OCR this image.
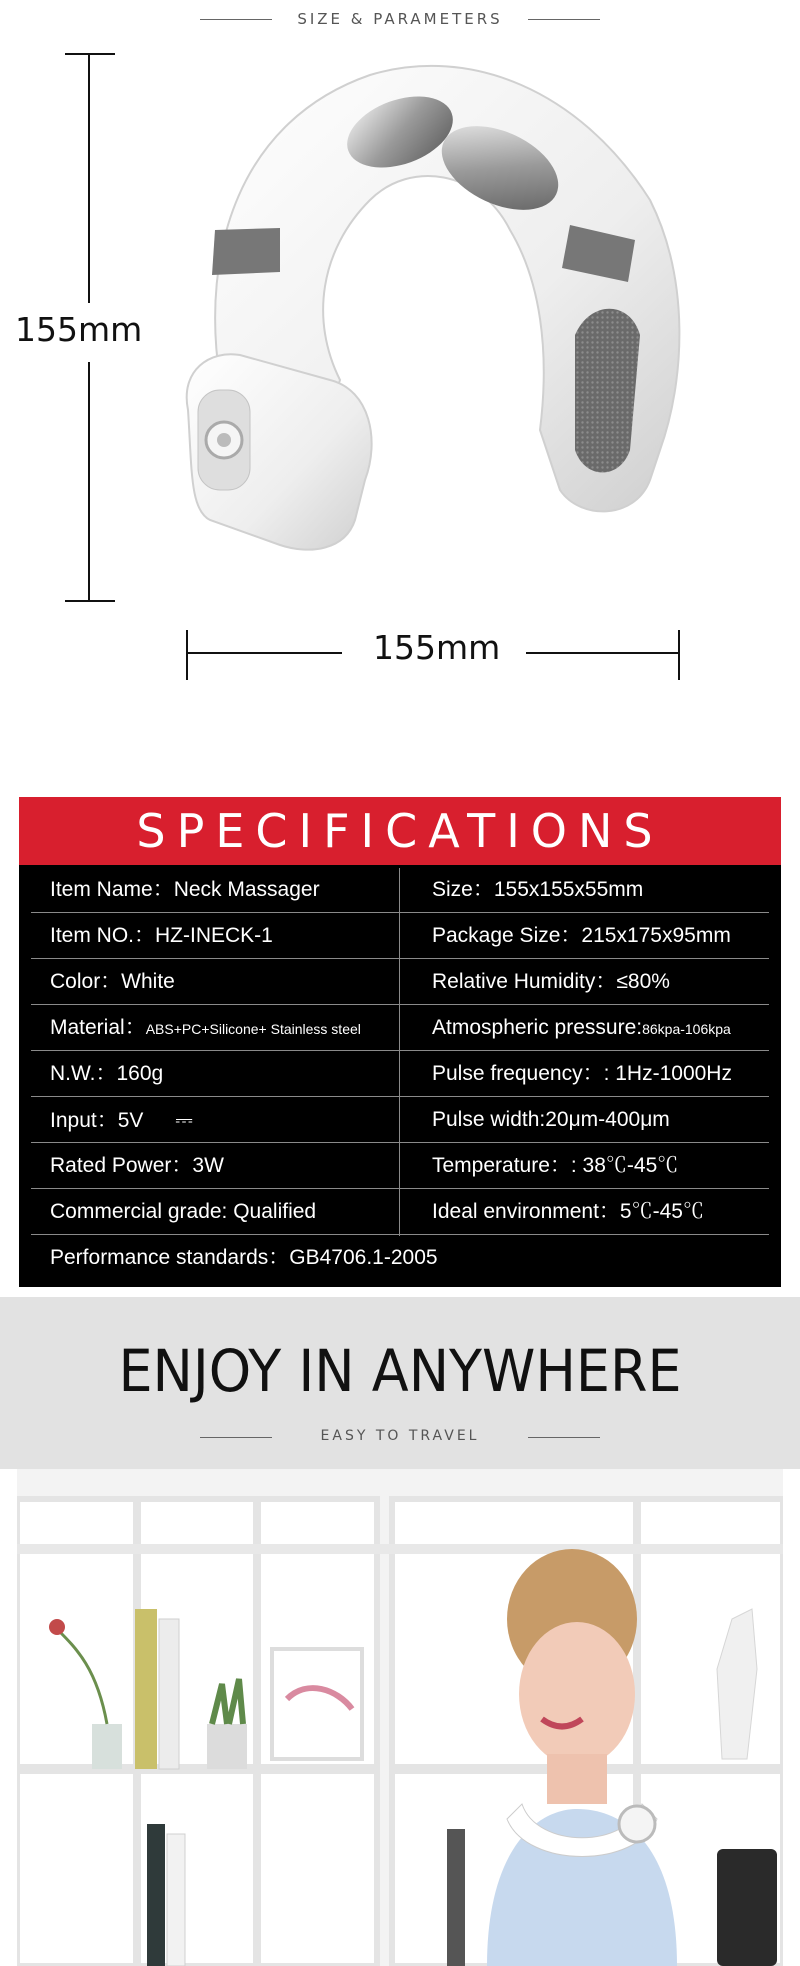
SIZE & PARAMETERS
155mm
155mm
SPECIFICATIONS
Item Name：Neck Massager	Size：155x155x55mm
Item NO.：HZ-INECK-1	Package Size：215x175x95mm
Color：White	Relative Humidity：≤80%
Material：ABS+PC+Silicone+ Stainless steel	Atmospheric pressure:86kpa-106kpa
N.W.：160g	Pulse frequency：: 1Hz-1000Hz
Input：5V ⎓	Pulse width:20μm-400μm
Rated Power：3W	Temperature：: 38℃-45℃
Commercial grade: Qualified	Ideal environment：5℃-45℃
Performance standards：GB4706.1-2005
ENJOY IN ANYWHERE
EASY TO TRAVEL
